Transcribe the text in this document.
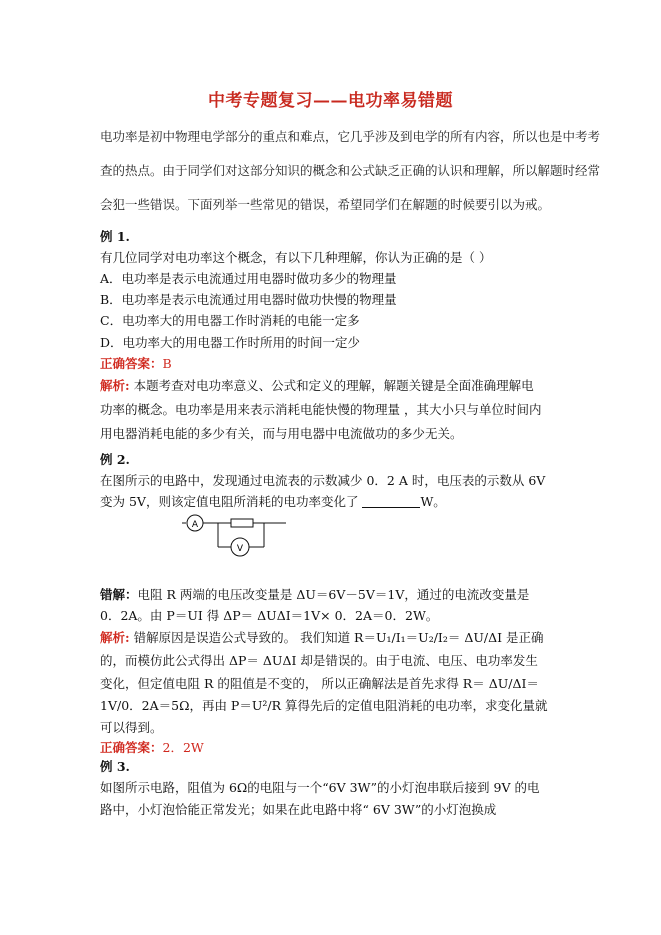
中考专题复习——电功率易错题
电功率是初中物理电学部分的重点和难点，它几乎涉及到电学的所有内容，所以也是中考考
查的热点。由于同学们对这部分知识的概念和公式缺乏正确的认识和理解，所以解题时经常
会犯一些错误。下面列举一些常见的错误，希望同学们在解题的时候要引以为戒。
例 1.
有几位同学对电功率这个概念，有以下几种理解，你认为正确的是（ ）
A．电功率是表示电流通过用电器时做功多少的物理量
B．电功率是表示电流通过用电器时做功快慢的物理量
C．电功率大的用电器工作时消耗的电能一定多
D．电功率大的用电器工作时所用的时间一定少
正确答案：B
解析: 本题考查对电功率意义、公式和定义的理解，解题关键是全面准确理解电
功率的概念。电功率是用来表示消耗电能快慢的物理量 ，其大小只与单位时间内
用电器消耗电能的多少有关，而与用电器中电流做功的多少无关。
例 2.
在图所示的电路中，发现通过电流表的示数减少 0．2 A 时，电压表的示数从 6V
变为 5V，则该定值电阻所消耗的电功率变化了	W。
A
V
错解：电阻 R 两端的电压改变量是 ΔU＝6V－5V＝1V，通过的电流改变量是
0．2A。由 P＝UI 得 ΔP＝ ΔUΔI＝1V× 0．2A＝0．2W。
解析: 错解原因是误造公式导致的。 我们知道 R＝U₁/I₁＝U₂/I₂＝ ΔU/ΔI 是正确
的，而模仿此公式得出 ΔP＝ ΔUΔI 却是错误的。由于电流、电压、电功率发生
变化，但定值电阻 R 的阻值是不变的， 所以正确解法是首先求得 R＝ ΔU/ΔI＝
1V/0．2A＝5Ω，再由 P＝U²/R 算得先后的定值电阻消耗的电功率，求变化量就
可以得到。
正确答案：2．2W
例 3.
如图所示电路，阻值为 6Ω的电阻与一个“6V 3W”的小灯泡串联后接到 9V 的电
路中，小灯泡恰能正常发光；如果在此电路中将“ 6V 3W”的小灯泡换成
